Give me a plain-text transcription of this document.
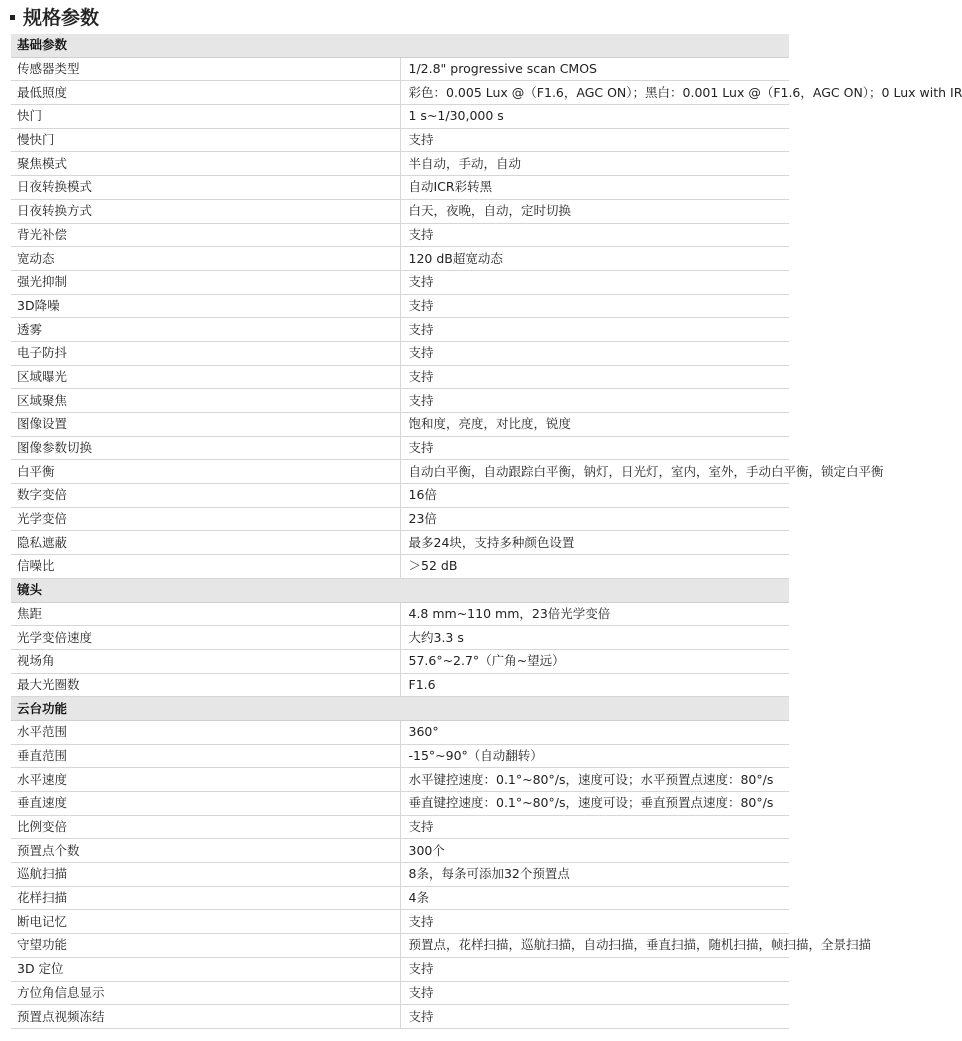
规格参数
基础参数	
传感器类型	1/2.8" progressive scan CMOS
最低照度	彩色：0.005 Lux @（F1.6，AGC ON）；黑白：0.001 Lux @（F1.6，AGC ON）；0 Lux with IR
快门	1 s~1/30,000 s
慢快门	支持
聚焦模式	半自动，手动，自动
日夜转换模式	自动ICR彩转黑
日夜转换方式	白天，夜晚，自动，定时切换
背光补偿	支持
宽动态	120 dB超宽动态
强光抑制	支持
3D降噪	支持
透雾	支持
电子防抖	支持
区域曝光	支持
区域聚焦	支持
图像设置	饱和度，亮度，对比度，锐度
图像参数切换	支持
白平衡	自动白平衡，自动跟踪白平衡，钠灯，日光灯，室内，室外，手动白平衡，锁定白平衡
数字变倍	16倍
光学变倍	23倍
隐私遮蔽	最多24块，支持多种颜色设置
信噪比	＞52 dB
镜头	
焦距	4.8 mm~110 mm，23倍光学变倍
光学变倍速度	大约3.3 s
视场角	57.6°~2.7°（广角~望远）
最大光圈数	F1.6
云台功能	
水平范围	360°
垂直范围	-15°~90°（自动翻转）
水平速度	水平键控速度：0.1°~80°/s，速度可设；水平预置点速度：80°/s
垂直速度	垂直键控速度：0.1°~80°/s，速度可设；垂直预置点速度：80°/s
比例变倍	支持
预置点个数	300个
巡航扫描	8条，每条可添加32个预置点
花样扫描	4条
断电记忆	支持
守望功能	预置点，花样扫描，巡航扫描，自动扫描，垂直扫描，随机扫描，帧扫描，全景扫描
3D 定位	支持
方位角信息显示	支持
预置点视频冻结	支持
